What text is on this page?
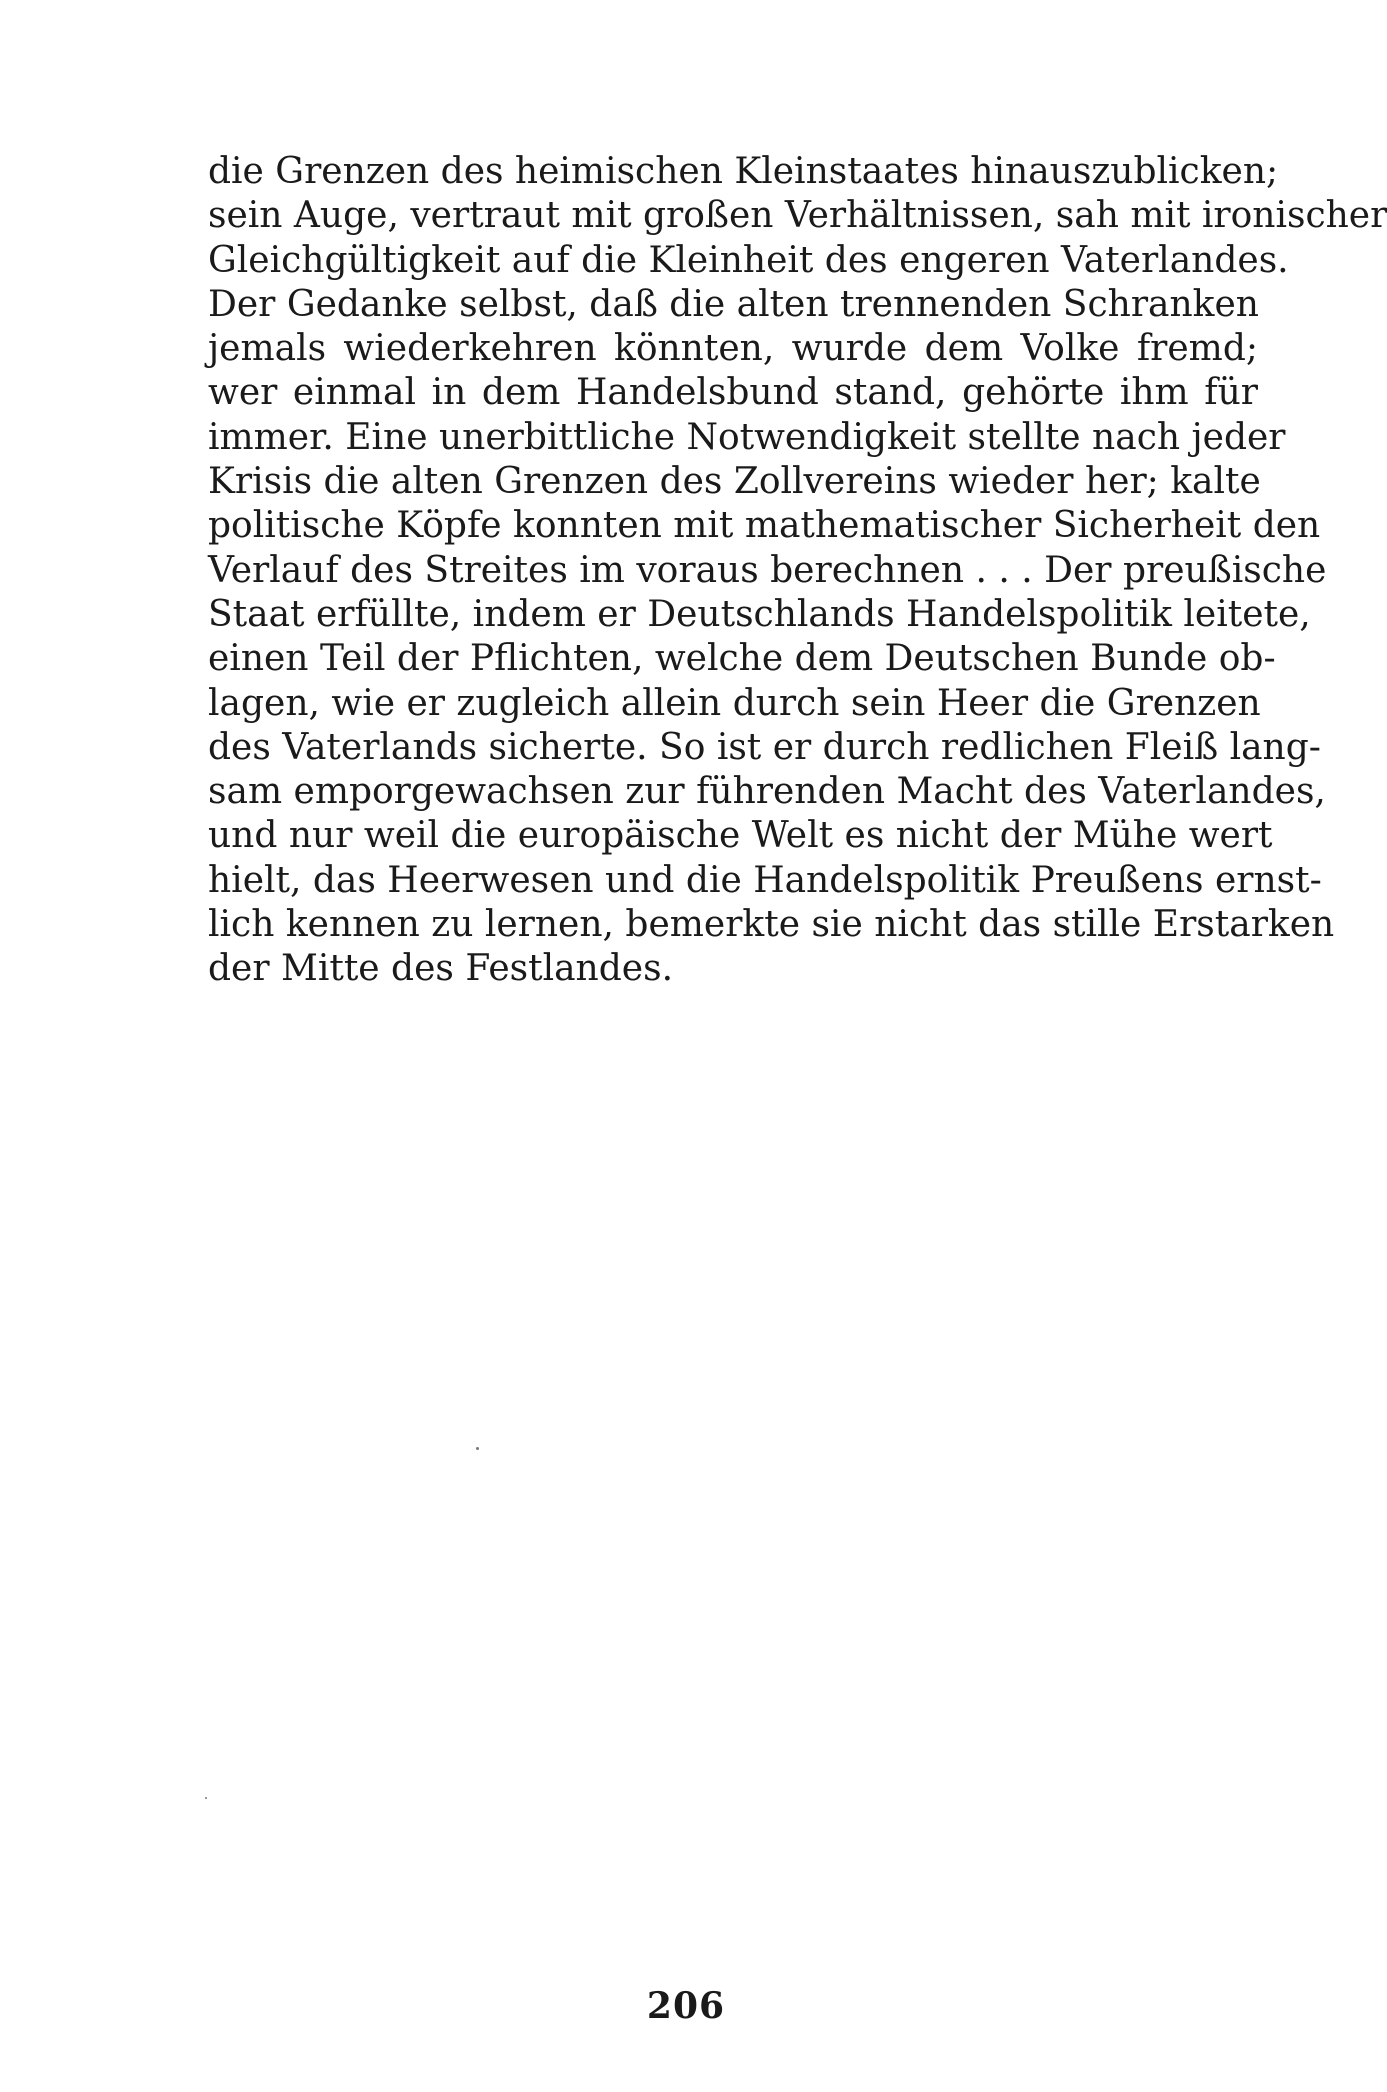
die Grenzen des heimischen Kleinstaates hinauszublicken;
sein Auge, vertraut mit großen Verhältnissen, sah mit ironischer
Gleichgültigkeit auf die Kleinheit des engeren Vaterlandes.
Der Gedanke selbst, daß die alten trennenden Schranken
jemals wiederkehren könnten, wurde dem Volke fremd;
wer einmal in dem Handelsbund stand, gehörte ihm für
immer. Eine unerbittliche Notwendigkeit stellte nach jeder
Krisis die alten Grenzen des Zollvereins wieder her; kalte
politische Köpfe konnten mit mathematischer Sicherheit den
Verlauf des Streites im voraus berechnen . . . Der preußische
Staat erfüllte, indem er Deutschlands Handelspolitik leitete,
einen Teil der Pflichten, welche dem Deutschen Bunde ob-
lagen, wie er zugleich allein durch sein Heer die Grenzen
des Vaterlands sicherte. So ist er durch redlichen Fleiß lang-
sam emporgewachsen zur führenden Macht des Vaterlandes,
und nur weil die europäische Welt es nicht der Mühe wert
hielt, das Heerwesen und die Handelspolitik Preußens ernst-
lich kennen zu lernen, bemerkte sie nicht das stille Erstarken
der Mitte des Festlandes.
206
